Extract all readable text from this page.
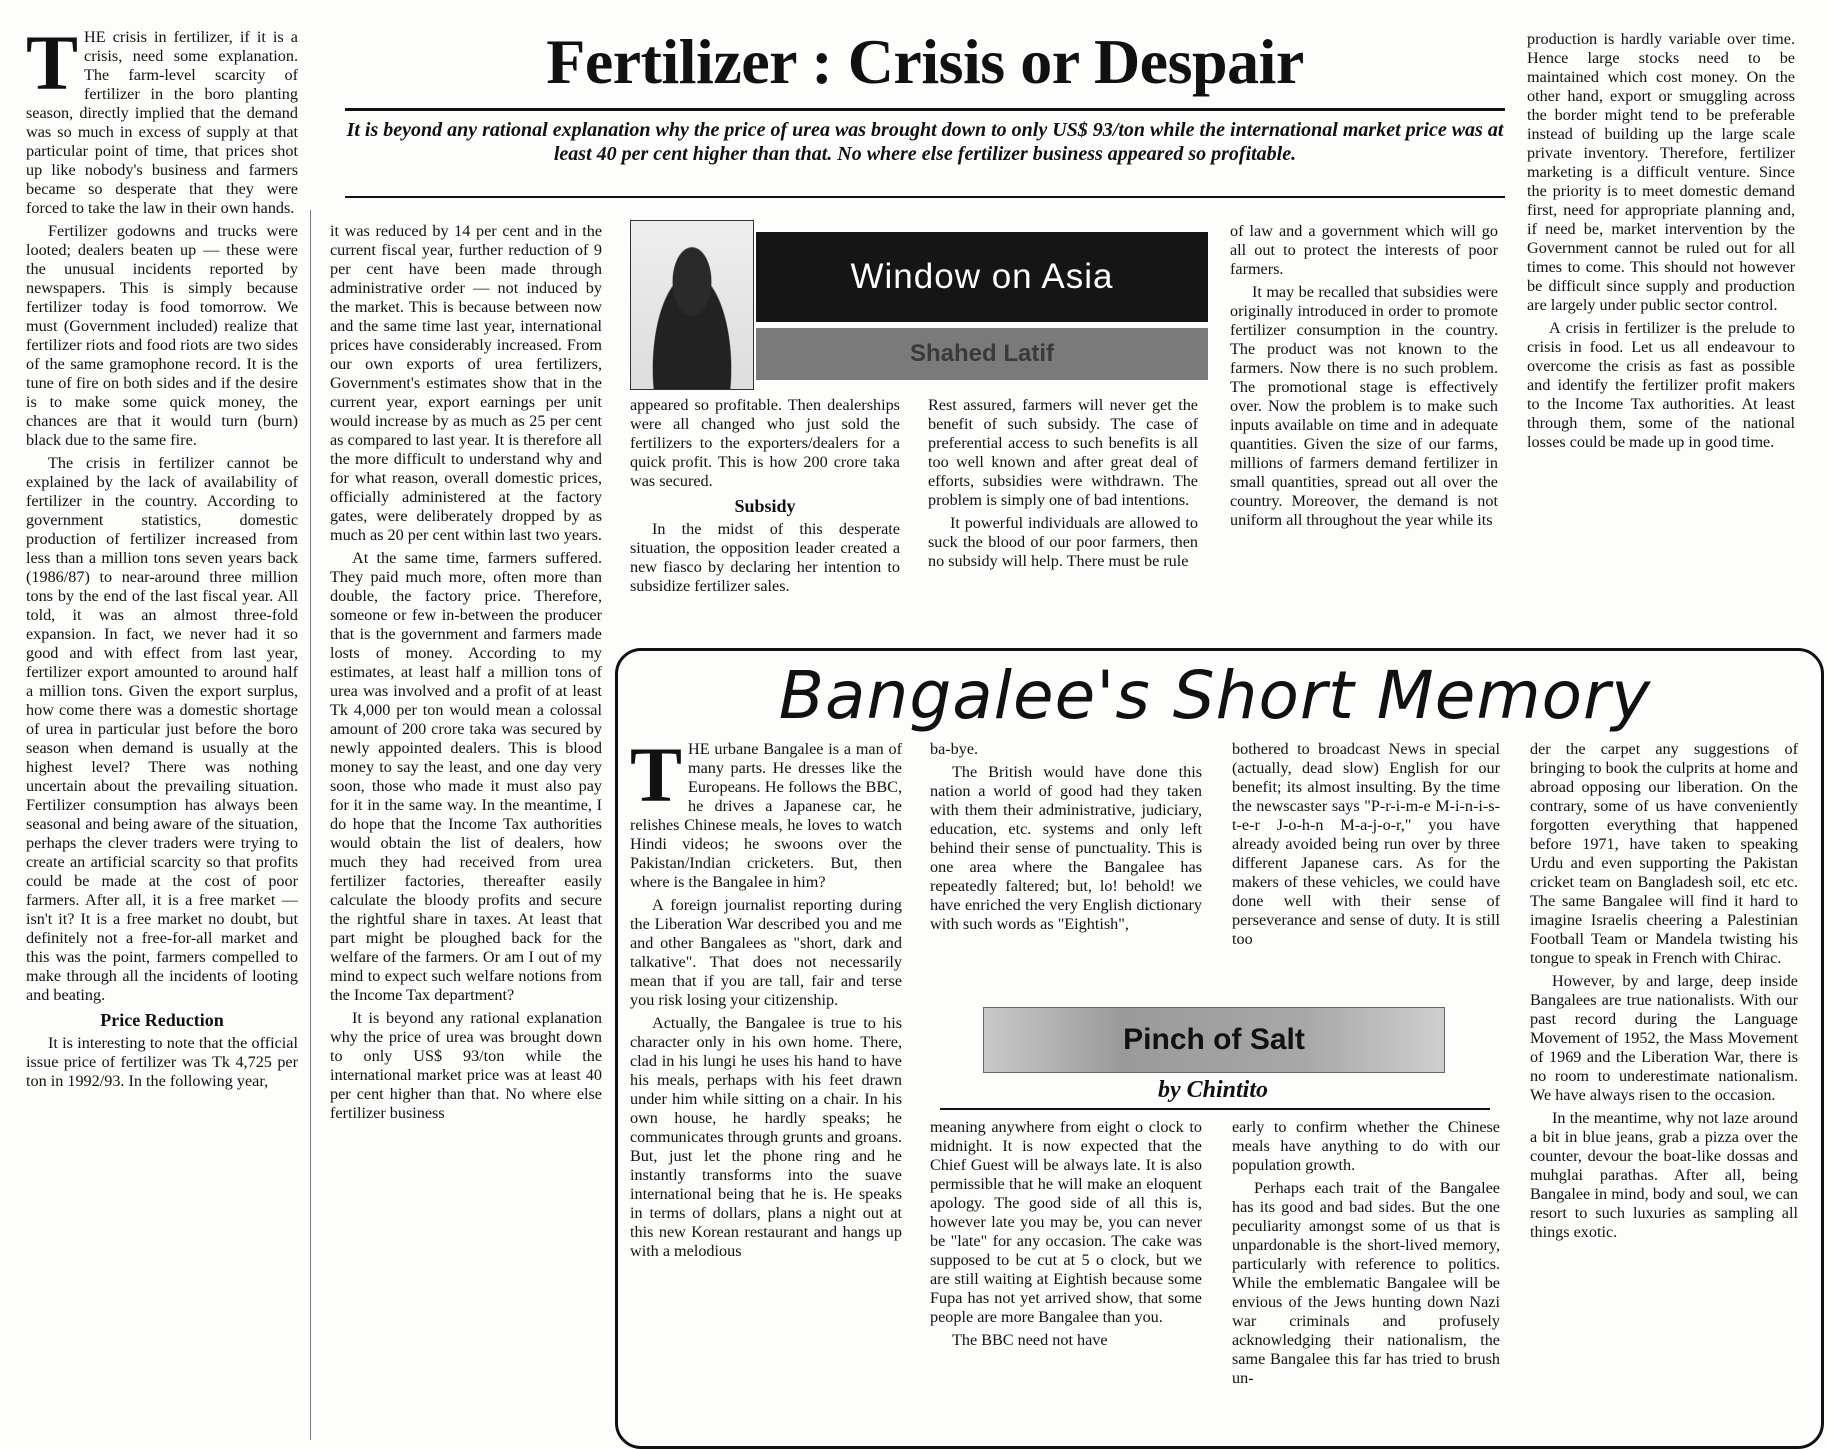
Fertilizer : Crisis or Despair
It is beyond any rational explanation why the price of urea was brought down to only US$ 93/ton while the international market price was at least 40 per cent higher than that. No where else fertilizer business appeared so profitable.
T HE crisis in fertilizer, if it is a crisis, need some explanation. The farm-level scarcity of fertilizer in the boro planting season, directly implied that the demand was so much in excess of supply at that particular point of time, that prices shot up like nobody's business and farmers became so desperate that they were forced to take the law in their own hands.

Fertilizer godowns and trucks were looted; dealers beaten up — these were the unusual incidents reported by newspapers. This is simply because fertilizer today is food tomorrow. We must (Government included) realize that fertilizer riots and food riots are two sides of the same gramophone record. It is the tune of fire on both sides and if the desire is to make some quick money, the chances are that it would turn (burn) black due to the same fire.

The crisis in fertilizer cannot be explained by the lack of availability of fertilizer in the country. According to government statistics, domestic production of fertilizer increased from less than a million tons seven years back (1986/87) to near-around three million tons by the end of the last fiscal year. All told, it was an almost three-fold expansion. In fact, we never had it so good and with effect from last year, fertilizer export amounted to around half a million tons. Given the export surplus, how come there was a domestic shortage of urea in particular just before the boro season when demand is usually at the highest level? There was nothing uncertain about the prevailing situation. Fertilizer consumption has always been seasonal and being aware of the situation, perhaps the clever traders were trying to create an artificial scarcity so that profits could be made at the cost of poor farmers. After all, it is a free market — isn't it? It is a free market no doubt, but definitely not a free-for-all market and this was the point, farmers compelled to make through all the incidents of looting and beating.

Price Reduction

It is interesting to note that the official issue price of fertilizer was Tk 4,725 per ton in 1992/93. In the following year,

it was reduced by 14 per cent and in the current fiscal year, further reduction of 9 per cent have been made through administrative order — not induced by the market. This is because between now and the same time last year, international prices have considerably increased. From our own exports of urea fertilizers, Government's estimates show that in the current year, export earnings per unit would increase by as much as 25 per cent as compared to last year. It is therefore all the more difficult to understand why and for what reason, overall domestic prices, officially administered at the factory gates, were deliberately dropped by as much as 20 per cent within last two years.

At the same time, farmers suffered. They paid much more, often more than double, the factory price. Therefore, someone or few in-between the producer that is the government and farmers made losts of money. According to my estimates, at least half a million tons of urea was involved and a profit of at least Tk 4,000 per ton would mean a colossal amount of 200 crore taka was secured by newly appointed dealers. This is blood money to say the least, and one day very soon, those who made it must also pay for it in the same way. In the meantime, I do hope that the Income Tax authorities would obtain the list of dealers, how much they had received from urea fertilizer factories, thereafter easily calculate the bloody profits and secure the rightful share in taxes. At least that part might be ploughed back for the welfare of the farmers. Or am I out of my mind to expect such welfare notions from the Income Tax department?

It is beyond any rational explanation why the price of urea was brought down to only US$ 93/ton while the international market price was at least 40 per cent higher than that. No where else fertilizer business

Window on Asia
Shahed Latif

appeared so profitable. Then dealerships were all changed who just sold the fertilizers to the exporters/dealers for a quick profit. This is how 200 crore taka was secured.

Subsidy

In the midst of this desperate situation, the opposition leader created a new fiasco by declaring her intention to subsidize fertilizer sales.

Rest assured, farmers will never get the benefit of such subsidy. The case of preferential access to such benefits is all too well known and after great deal of efforts, subsidies were withdrawn. The problem is simply one of bad intentions.

It powerful individuals are allowed to suck the blood of our poor farmers, then no subsidy will help. There must be rule

of law and a government which will go all out to protect the interests of poor farmers.

It may be recalled that subsidies were originally introduced in order to promote fertilizer consumption in the country. The product was not known to the farmers. Now there is no such problem. The promotional stage is effectively over. Now the problem is to make such inputs available on time and in adequate quantities. Given the size of our farms, millions of farmers demand fertilizer in small quantities, spread out all over the country. Moreover, the demand is not uniform all throughout the year while its

production is hardly variable over time. Hence large stocks need to be maintained which cost money. On the other hand, export or smuggling across the border might tend to be preferable instead of building up the large scale private inventory. Therefore, fertilizer marketing is a difficult venture. Since the priority is to meet domestic demand first, need for appropriate planning and, if need be, market intervention by the Government cannot be ruled out for all times to come. This should not however be difficult since supply and production are largely under public sector control.

A crisis in fertilizer is the prelude to crisis in food. Let us all endeavour to overcome the crisis as fast as possible and identify the fertilizer profit makers to the Income Tax authorities. At least through them, some of the national losses could be made up in good time.

Bangalee's Short Memory
T HE urbane Bangalee is a man of many parts. He dresses like the Europeans. He follows the BBC, he drives a Japanese car, he relishes Chinese meals, he loves to watch Hindi videos; he swoons over the Pakistan/Indian cricketers. But, then where is the Bangalee in him?

A foreign journalist reporting during the Liberation War described you and me and other Bangalees as "short, dark and talkative". That does not necessarily mean that if you are tall, fair and terse you risk losing your citizenship.

Actually, the Bangalee is true to his character only in his own home. There, clad in his lungi he uses his hand to have his meals, perhaps with his feet drawn under him while sitting on a chair. In his own house, he hardly speaks; he communicates through grunts and groans. But, just let the phone ring and he instantly transforms into the suave international being that he is. He speaks in terms of dollars, plans a night out at this new Korean restaurant and hangs up with a melodious

ba-bye.

The British would have done this nation a world of good had they taken with them their administrative, judiciary, education, etc. systems and only left behind their sense of punctuality. This is one area where the Bangalee has repeatedly faltered; but, lo! behold! we have enriched the very English dictionary with such words as "Eightish",

bothered to broadcast News in special (actually, dead slow) English for our benefit; its almost insulting. By the time the newscaster says "P-r-i-m-e M-i-n-i-s-t-e-r J-o-h-n M-a-j-o-r," you have already avoided being run over by three different Japanese cars. As for the makers of these vehicles, we could have done well with their sense of perseverance and sense of duty. It is still too

Pinch of Salt
by Chintito

meaning anywhere from eight o clock to midnight. It is now expected that the Chief Guest will be always late. It is also permissible that he will make an eloquent apology. The good side of all this is, however late you may be, you can never be "late" for any occasion. The cake was supposed to be cut at 5 o clock, but we are still waiting at Eightish because some Fupa has not yet arrived show, that some people are more Bangalee than you.

The BBC need not have

early to confirm whether the Chinese meals have anything to do with our population growth.

Perhaps each trait of the Bangalee has its good and bad sides. But the one peculiarity amongst some of us that is unpardonable is the short-lived memory, particularly with reference to politics. While the emblematic Bangalee will be envious of the Jews hunting down Nazi war criminals and profusely acknowledging their nationalism, the same Bangalee this far has tried to brush un-

der the carpet any suggestions of bringing to book the culprits at home and abroad opposing our liberation. On the contrary, some of us have conveniently forgotten everything that happened before 1971, have taken to speaking Urdu and even supporting the Pakistan cricket team on Bangladesh soil, etc etc. The same Bangalee will find it hard to imagine Israelis cheering a Palestinian Football Team or Mandela twisting his tongue to speak in French with Chirac.

However, by and large, deep inside Bangalees are true nationalists. With our past record during the Language Movement of 1952, the Mass Movement of 1969 and the Liberation War, there is no room to underestimate nationalism. We have always risen to the occasion.

In the meantime, why not laze around a bit in blue jeans, grab a pizza over the counter, devour the boat-like dossas and muhglai parathas. After all, being Bangalee in mind, body and soul, we can resort to such luxuries as sampling all things exotic.
